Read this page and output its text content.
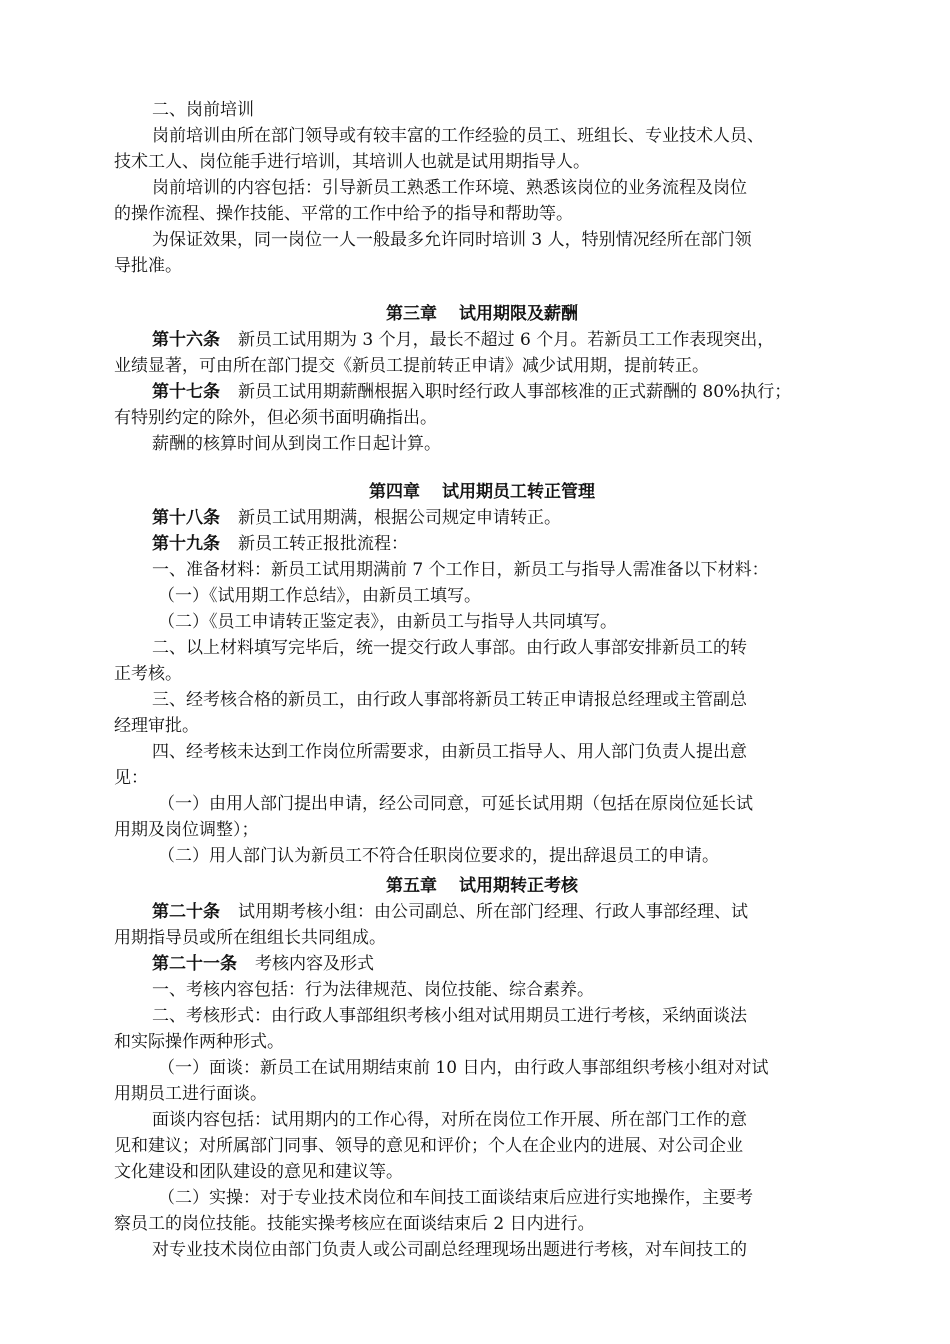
二、岗前培训
岗前培训由所在部门领导或有较丰富的工作经验的员工、班组长、专业技术人员、
技术工人、岗位能手进行培训，其培训人也就是试用期指导人。
岗前培训的内容包括：引导新员工熟悉工作环境、熟悉该岗位的业务流程及岗位
的操作流程、操作技能、平常的工作中给予的指导和帮助等。
为保证效果，同一岗位一人一般最多允许同时培训 3 人，特别情况经所在部门领
导批准。
第三章 试用期限及薪酬
第十六条 新员工试用期为 3 个月，最长不超过 6 个月。若新员工工作表现突出，
业绩显著，可由所在部门提交《新员工提前转正申请》减少试用期，提前转正。
第十七条 新员工试用期薪酬根据入职时经行政人事部核准的正式薪酬的 80%执行；
有特别约定的除外，但必须书面明确指出。
薪酬的核算时间从到岗工作日起计算。
第四章 试用期员工转正管理
第十八条 新员工试用期满，根据公司规定申请转正。
第十九条 新员工转正报批流程：
一、准备材料：新员工试用期满前 7 个工作日，新员工与指导人需准备以下材料：
（一）《试用期工作总结》，由新员工填写。
（二）《员工申请转正鉴定表》，由新员工与指导人共同填写。
二、以上材料填写完毕后，统一提交行政人事部。由行政人事部安排新员工的转
正考核。
三、经考核合格的新员工，由行政人事部将新员工转正申请报总经理或主管副总
经理审批。
四、经考核未达到工作岗位所需要求，由新员工指导人、用人部门负责人提出意
见：
（一）由用人部门提出申请，经公司同意，可延长试用期（包括在原岗位延长试
用期及岗位调整）；
（二）用人部门认为新员工不符合任职岗位要求的，提出辞退员工的申请。
第五章 试用期转正考核
第二十条 试用期考核小组：由公司副总、所在部门经理、行政人事部经理、试
用期指导员或所在组组长共同组成。
第二十一条 考核内容及形式
一、考核内容包括：行为法律规范、岗位技能、综合素养。
二、考核形式：由行政人事部组织考核小组对试用期员工进行考核，采纳面谈法
和实际操作两种形式。
（一）面谈：新员工在试用期结束前 10 日内，由行政人事部组织考核小组对对试
用期员工进行面谈。
面谈内容包括：试用期内的工作心得，对所在岗位工作开展、所在部门工作的意
见和建议；对所属部门同事、领导的意见和评价；个人在企业内的进展、对公司企业
文化建设和团队建设的意见和建议等。
（二）实操：对于专业技术岗位和车间技工面谈结束后应进行实地操作，主要考
察员工的岗位技能。技能实操考核应在面谈结束后 2 日内进行。
对专业技术岗位由部门负责人或公司副总经理现场出题进行考核，对车间技工的
